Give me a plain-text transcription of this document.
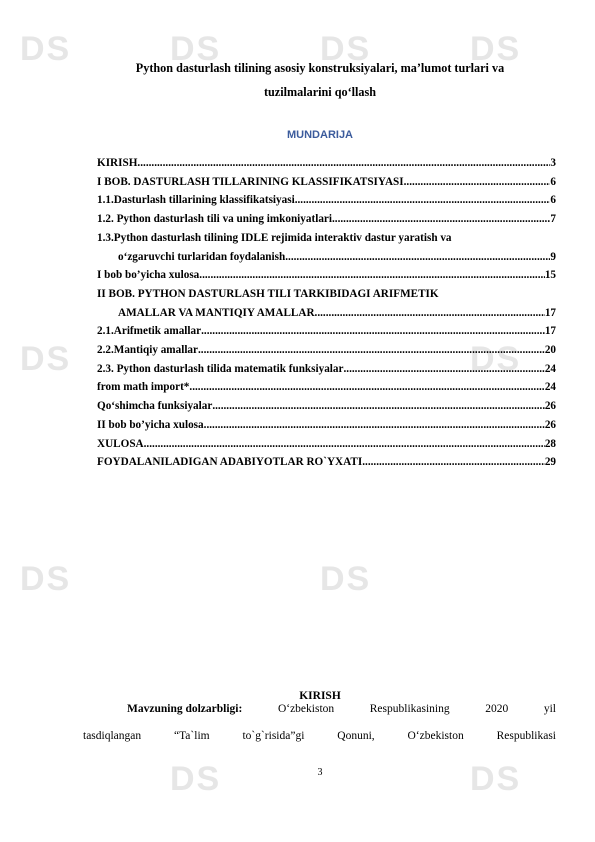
DS	DS	DS	DS
DS	DS
DS	DS
DS	DS
Python dasturlash tilining asosiy konstruksiyalari, ma’lumot turlari va
tuzilmalarini qo‘llash
MUNDARIJA
KIRISH .....	3
I BOB. DASTURLASH TILLARINING KLASSIFIKATSIYASI .....	6
1.1.Dasturlash tillarining klassifikatsiyasi .....	6
1.2. Python dasturlash tili va uning imkoniyatlari .....	7
1.3.Python dasturlash tilining IDLE rejimida interaktiv dastur yaratish va
o‘zgaruvchi turlaridan foydalanish .....	9
I bob bo’yicha xulosa .....	15
II BOB. PYTHON DASTURLASH TILI TARKIBIDAGI ARIFMETIK
AMALLAR VA MANTIQIY AMALLAR .....	17
2.1.Arifmetik amallar .....	17
2.2.Mantiqiy amallar .....	20
2.3. Python dasturlash tilida matematik funksiyalar .....	24
from math import* .....	24
Qo‘shimcha funksiyalar .....	26
II bob bo’yicha xulosa .....	26
XULOSA .....	28
FOYDALANILADIGAN ADABIYOTLAR RO`YXATI .....	29
KIRISH
Mavzuning dolzarbligi:	O‘zbekiston	Respublikasining	2020	yil
tasdiqlangan	“Ta`lim	to`g`risida”gi	Qonuni,	O‘zbekiston	Respublikasi
3
